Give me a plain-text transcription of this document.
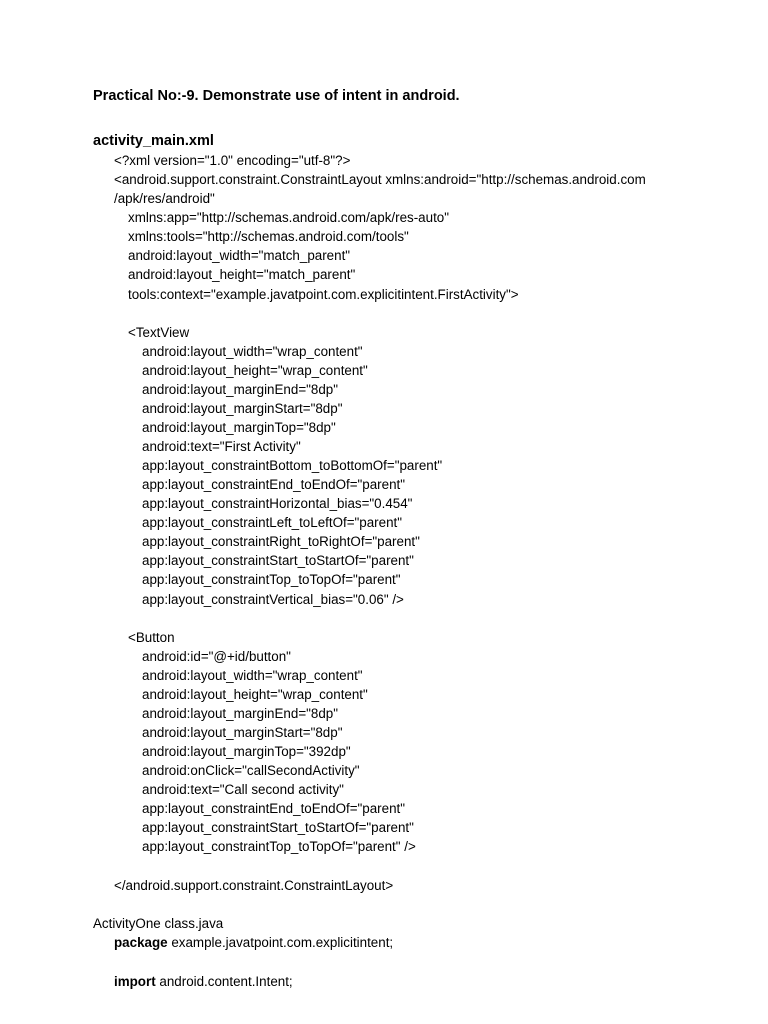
Practical No:-9. Demonstrate use of intent in android.
activity_main.xml
<?xml version="1.0" encoding="utf-8"?>
<android.support.constraint.ConstraintLayout xmlns:android="http://schemas.android.com
/apk/res/android"
xmlns:app="http://schemas.android.com/apk/res-auto"
xmlns:tools="http://schemas.android.com/tools"
android:layout_width="match_parent"
android:layout_height="match_parent"
tools:context="example.javatpoint.com.explicitintent.FirstActivity">
<TextView
android:layout_width="wrap_content"
android:layout_height="wrap_content"
android:layout_marginEnd="8dp"
android:layout_marginStart="8dp"
android:layout_marginTop="8dp"
android:text="First Activity"
app:layout_constraintBottom_toBottomOf="parent"
app:layout_constraintEnd_toEndOf="parent"
app:layout_constraintHorizontal_bias="0.454"
app:layout_constraintLeft_toLeftOf="parent"
app:layout_constraintRight_toRightOf="parent"
app:layout_constraintStart_toStartOf="parent"
app:layout_constraintTop_toTopOf="parent"
app:layout_constraintVertical_bias="0.06" />
<Button
android:id="@+id/button"
android:layout_width="wrap_content"
android:layout_height="wrap_content"
android:layout_marginEnd="8dp"
android:layout_marginStart="8dp"
android:layout_marginTop="392dp"
android:onClick="callSecondActivity"
android:text="Call second activity"
app:layout_constraintEnd_toEndOf="parent"
app:layout_constraintStart_toStartOf="parent"
app:layout_constraintTop_toTopOf="parent" />
</android.support.constraint.ConstraintLayout>
ActivityOne class.java
package example.javatpoint.com.explicitintent;
import android.content.Intent;
